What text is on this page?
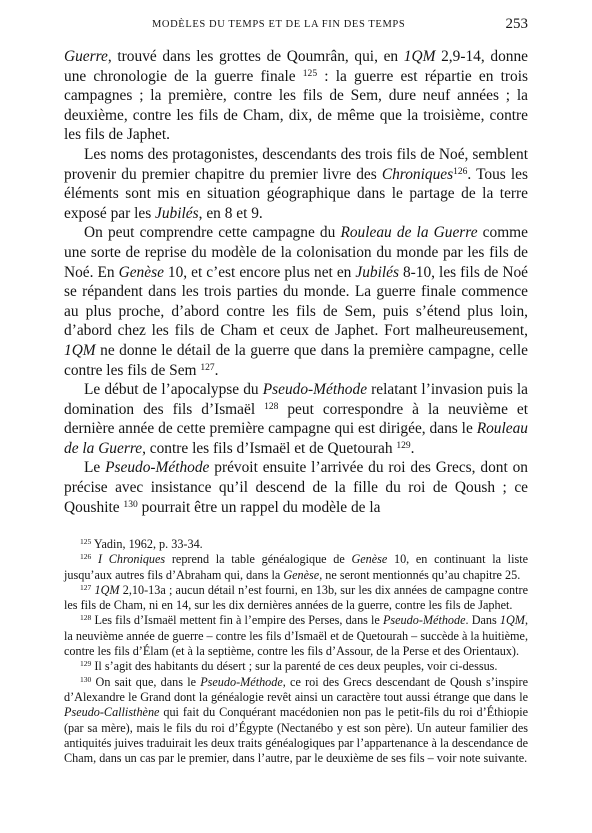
MODÈLES DU TEMPS ET DE LA FIN DES TEMPS	253

Guerre, trouvé dans les grottes de Qoumrân, qui, en 1QM 2,9-14, donne une chronologie de la guerre finale $^{125}$ : la guerre est répartie en trois campagnes ; la première, contre les fils de Sem, dure neuf années ; la deuxième, contre les fils de Cham, dix, de même que la troisième, contre les fils de Japhet.

Les noms des protagonistes, descendants des trois fils de Noé, semblent provenir du premier chapitre du premier livre des Chroniques$^{126}$. Tous les éléments sont mis en situation géographique dans le partage de la terre exposé par les Jubilés, en 8 et 9.

On peut comprendre cette campagne du Rouleau de la Guerre comme une sorte de reprise du modèle de la colonisation du monde par les fils de Noé. En Genèse 10, et c’est encore plus net en Jubilés 8-10, les fils de Noé se répandent dans les trois parties du monde. La guerre finale commence au plus proche, d’abord contre les fils de Sem, puis s’étend plus loin, d’abord chez les fils de Cham et ceux de Japhet. Fort malheureusement, 1QM ne donne le détail de la guerre que dans la première campagne, celle contre les fils de Sem $^{127}$.

Le début de l’apocalypse du Pseudo-Méthode relatant l’invasion puis la domination des fils d’Ismaël $^{128}$ peut correspondre à la neuvième et dernière année de cette première campagne qui est dirigée, dans le Rouleau de la Guerre, contre les fils d’Ismaël et de Quetourah $^{129}$.

Le Pseudo-Méthode prévoit ensuite l’arrivée du roi des Grecs, dont on précise avec insistance qu’il descend de la fille du roi de Qoush ; ce Qoushite $^{130}$ pourrait être un rappel du modèle de la

$^{125}$ Yadin, 1962, p. 33-34.

$^{126}$ I Chroniques reprend la table généalogique de Genèse 10, en continuant la liste jusqu’aux autres fils d’Abraham qui, dans la Genèse, ne seront mentionnés qu’au chapitre 25.

$^{127}$ 1QM 2,10-13a ; aucun détail n’est fourni, en 13b, sur les dix années de campagne contre les fils de Cham, ni en 14, sur les dix dernières années de la guerre, contre les fils de Japhet.

$^{128}$ Les fils d’Ismaël mettent fin à l’empire des Perses, dans le Pseudo-Méthode. Dans 1QM, la neuvième année de guerre – contre les fils d’Ismaël et de Quetourah – succède à la huitième, contre les fils d’Élam (et à la septième, contre les fils d’Assour, de la Perse et des Orientaux).

$^{129}$ Il s’agit des habitants du désert ; sur la parenté de ces deux peuples, voir ci-dessus.

$^{130}$ On sait que, dans le Pseudo-Méthode, ce roi des Grecs descendant de Qoush s’inspire d’Alexandre le Grand dont la généalogie revêt ainsi un caractère tout aussi étrange que dans le Pseudo-Callisthène qui fait du Conquérant macédonien non pas le petit-fils du roi d’Éthiopie (par sa mère), mais le fils du roi d’Égypte (Nectanébo y est son père). Un auteur familier des antiquités juives traduirait les deux traits généalogiques par l’appartenance à la descendance de Cham, dans un cas par le premier, dans l’autre, par le deuxième de ses fils – voir note suivante.
